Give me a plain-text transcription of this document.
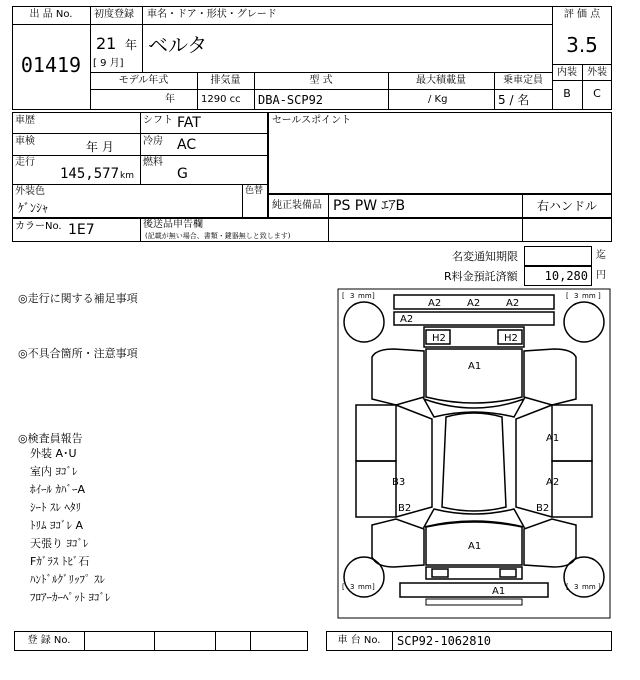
出 品 No.
01419
初度登録
21 年
[ 9 月]
車名・ドア・形状・グレード
ベルタ
評 価 点
3.5
内装	外装
B	C
モデル年式	排気量	型 式	最大積載量	乗車定員
年	1290 cc DBA-SCP92	/ Kg	5 / 名
車歴	シフト FAT
車検	年 月	冷房 AC
走行
145,577 km
燃料
G
外装色
ｹﾞﾝｼｬ
色替
セールスポイント
純正装備品 PS PW ｴｱB	右ハンドル
カラーNo. 1E7	後送品申告欄
(記載が無い場合、書類・鍵器無しと致します)
名変通知期限	迄
R料金預託済額	10,280 円
◎走行に関する補足事項
◎不具合箇所・注意事項
◎検査員報告
外装 A･U
室内 ﾖｺﾞﾚ
ﾎｲｰﾙ ｶﾊﾞｰA
ｼｰﾄ ｽﾚ ﾍﾀﾘ
ﾄﾘﾑ ﾖｺﾞﾚ A
天張り ﾖｺﾞﾚ
Fｶﾞﾗｽ ﾄﾋﾞ石
ﾊﾝﾄﾞﾙｸﾞﾘｯﾌﾟ ｽﾚ
ﾌﾛｱｰｶｰﾍﾟｯﾄ ﾖｺﾞﾚ
[ 3 mm ]	[ 3 mm ]
[ 3 mm ]	[ 3 mm ]
A2	A2	A2
A2
H2	H2
A1
A1
A2
B3
B2	B2
A1
A1
登 録 No.	車 台 No.	SCP92-1062810
